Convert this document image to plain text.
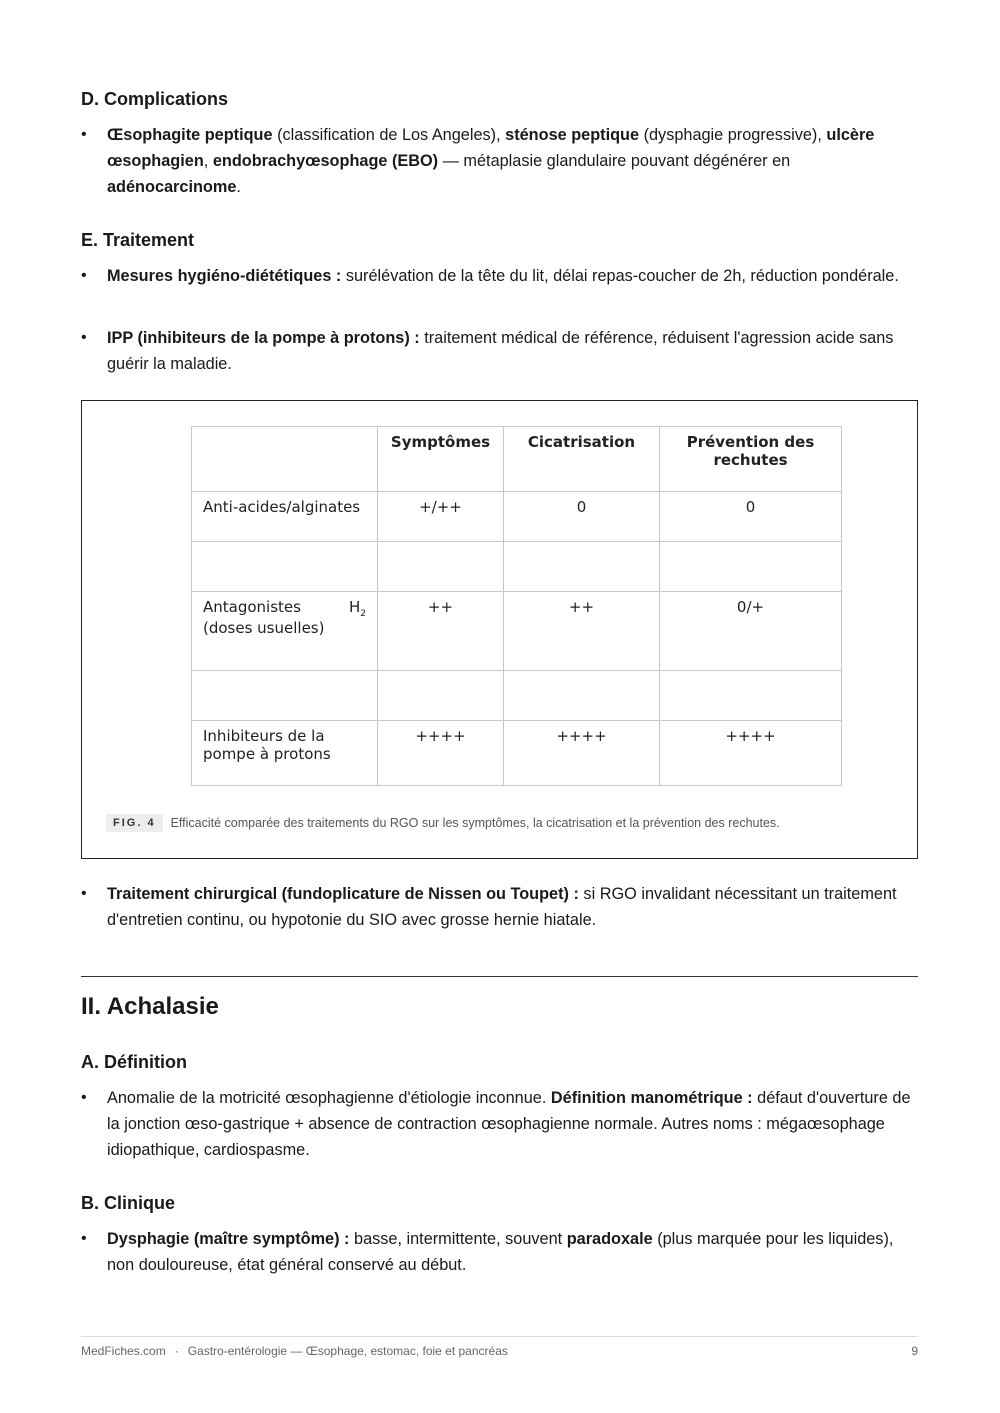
D. Complications
•	Œsophagite peptique (classification de Los Angeles), sténose peptique (dysphagie progressive), ulcère œsophagien, endobrachyœsophage (EBO) — métaplasie glandulaire pouvant dégénérer en adénocarcinome.
E. Traitement
•	Mesures hygiéno-diététiques : surélévation de la tête du lit, délai repas-coucher de 2h, réduction pondérale.
•	IPP (inhibiteurs de la pompe à protons) : traitement médical de référence, réduisent l'agression acide sans guérir la maladie.
	Symptômes	Cicatrisation	Prévention des rechutes
Anti-acides/alginates	+/++	0	0

Antagonistes $H_2$
(doses usuelles)	++	++	0/+

Inhibiteurs de la pompe à protons	++++	++++	++++
FIG. 4	Efficacité comparée des traitements du RGO sur les symptômes, la cicatrisation et la prévention des rechutes.
•	Traitement chirurgical (fundoplicature de Nissen ou Toupet) : si RGO invalidant nécessitant un traitement d'entretien continu, ou hypotonie du SIO avec grosse hernie hiatale.
II. Achalasie
A. Définition
•	Anomalie de la motricité œsophagienne d'étiologie inconnue. Définition manométrique : défaut d'ouverture de la jonction œso-gastrique + absence de contraction œsophagienne normale. Autres noms : mégaœsophage idiopathique, cardiospasme.
B. Clinique
•	Dysphagie (maître symptôme) : basse, intermittente, souvent paradoxale (plus marquée pour les liquides), non douloureuse, état général conservé au début.
MedFiches.com · Gastro-entérologie — Œsophage, estomac, foie et pancréas	9
